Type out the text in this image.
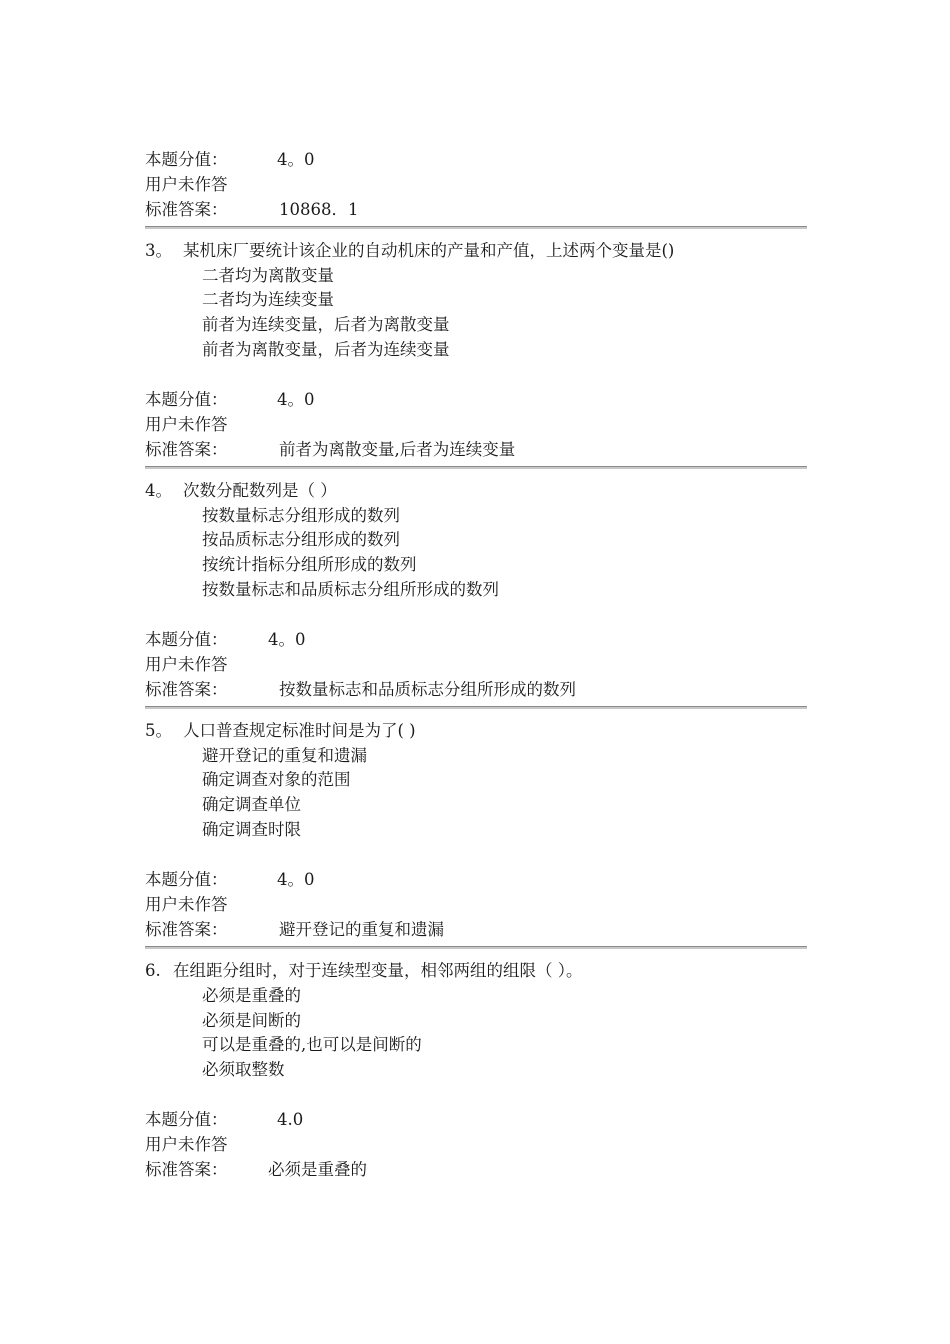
本题分值：	4。0
用户未作答
标准答案：	10868．1
3。 某机床厂要统计该企业的自动机床的产量和产值，上述两个变量是()
二者均为离散变量
二者均为连续变量
前者为连续变量，后者为离散变量
前者为离散变量，后者为连续变量
本题分值：	4。0
用户未作答
标准答案：	前者为离散变量,后者为连续变量
4。 次数分配数列是（ ）
按数量标志分组形成的数列
按品质标志分组形成的数列
按统计指标分组所形成的数列
按数量标志和品质标志分组所形成的数列
本题分值： 4。0
用户未作答
标准答案：	按数量标志和品质标志分组所形成的数列
5。 人口普查规定标准时间是为了( )
避开登记的重复和遗漏
确定调查对象的范围
确定调查单位
确定调查时限
本题分值：	4。0
用户未作答
标准答案：	避开登记的重复和遗漏
6. 在组距分组时，对于连续型变量，相邻两组的组限（ ）。
必须是重叠的
必须是间断的
可以是重叠的,也可以是间断的
必须取整数
本题分值：	4.0
用户未作答
标准答案： 必须是重叠的
